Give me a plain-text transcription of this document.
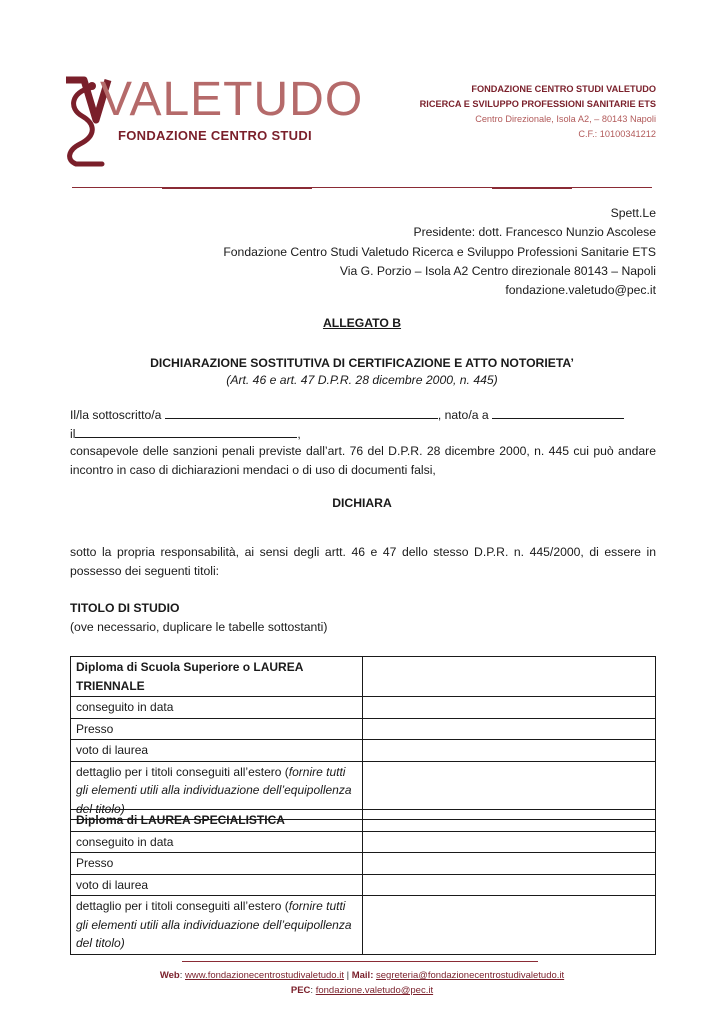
VALETUDO
FONDAZIONE CENTRO STUDI
FONDAZIONE CENTRO STUDI VALETUDO
RICERCA E SVILUPPO PROFESSIONI SANITARIE ETS
Centro Direzionale, Isola A2, – 80143 Napoli
C.F.: 10100341212
Spett.Le
Presidente: dott. Francesco Nunzio Ascolese
Fondazione Centro Studi Valetudo Ricerca e Sviluppo Professioni Sanitarie ETS
Via G. Porzio – Isola A2 Centro direzionale 80143 – Napoli
fondazione.valetudo@pec.it
ALLEGATO B
DICHIARAZIONE SOSTITUTIVA DI CERTIFICAZIONE E ATTO NOTORIETA’
(Art. 46 e art. 47 D.P.R. 28 dicembre 2000, n. 445)
Il/la sottoscritto/a	, nato/a a
il	,
consapevole delle sanzioni penali previste dall’art. 76 del D.P.R. 28 dicembre 2000, n. 445 cui può andare incontro in caso di dichiarazioni mendaci o di uso di documenti falsi,
DICHIARA
sotto la propria responsabilità, ai sensi degli artt. 46 e 47 dello stesso D.P.R. n. 445/2000, di essere in possesso dei seguenti titoli:
TITOLO DI STUDIO
(ove necessario, duplicare le tabelle sottostanti)
Diploma di Scuola Superiore o LAUREA TRIENNALE	
conseguito in data	
Presso	
voto di laurea	
dettaglio per i titoli conseguiti all’estero (fornire tutti gli elementi utili alla individuazione dell’equipollenza del titolo)	
Diploma di LAUREA SPECIALISTICA	
conseguito in data	
Presso	
voto di laurea	
dettaglio per i titoli conseguiti all’estero (fornire tutti gli elementi utili alla individuazione dell’equipollenza del titolo)	
Web: www.fondazionecentrostudivaletudo.it | Mail: segreteria@fondazionecentrostudivaletudo.it
PEC: fondazione.valetudo@pec.it
